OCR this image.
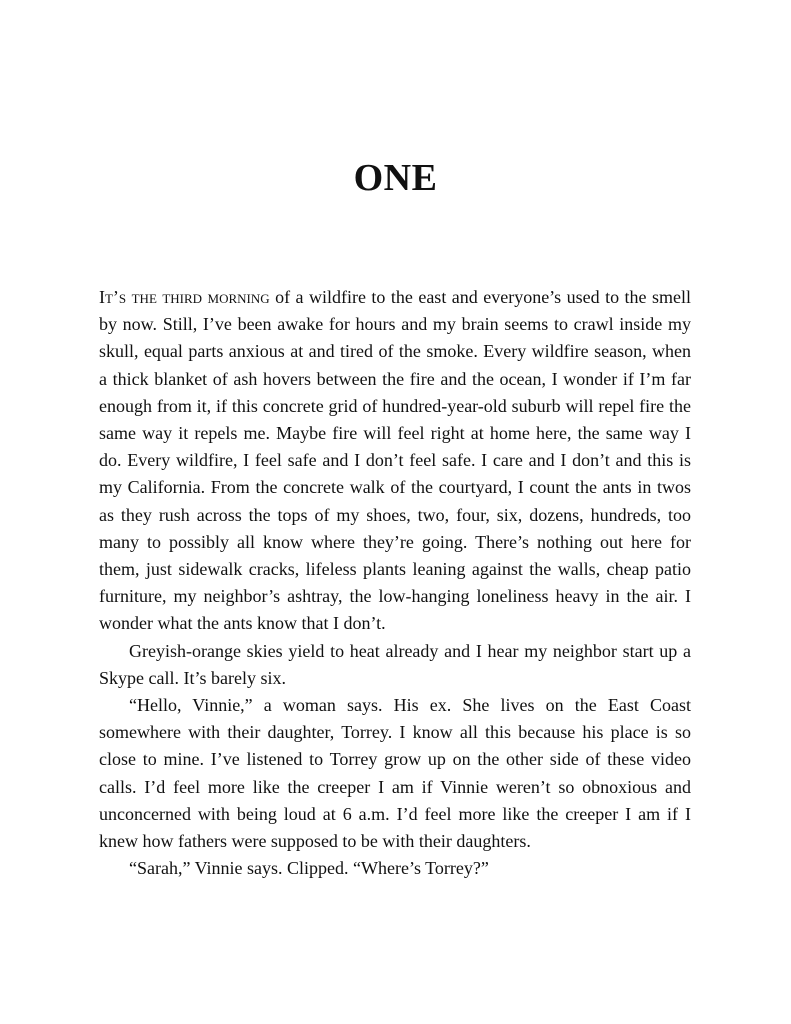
ONE

It’s the third morning of a wildfire to the east and everyone’s used to the smell by now. Still, I’ve been awake for hours and my brain seems to crawl inside my skull, equal parts anxious at and tired of the smoke. Every wildfire season, when a thick blanket of ash hovers between the fire and the ocean, I wonder if I’m far enough from it, if this concrete grid of hundred-year-old suburb will repel fire the same way it repels me. Maybe fire will feel right at home here, the same way I do. Every wildfire, I feel safe and I don’t feel safe. I care and I don’t and this is my California. From the concrete walk of the courtyard, I count the ants in twos as they rush across the tops of my shoes, two, four, six, dozens, hundreds, too many to possibly all know where they’re going. There’s nothing out here for them, just sidewalk cracks, lifeless plants leaning against the walls, cheap patio furniture, my neighbor’s ashtray, the low-hanging loneliness heavy in the air. I wonder what the ants know that I don’t.

Greyish-orange skies yield to heat already and I hear my neighbor start up a Skype call. It’s barely six.

“Hello, Vinnie,” a woman says. His ex. She lives on the East Coast somewhere with their daughter, Torrey. I know all this because his place is so close to mine. I’ve listened to Torrey grow up on the other side of these video calls. I’d feel more like the creeper I am if Vinnie weren’t so obnoxious and unconcerned with being loud at 6 a.m. I’d feel more like the creeper I am if I knew how fathers were supposed to be with their daughters.

“Sarah,” Vinnie says. Clipped. “Where’s Torrey?”
